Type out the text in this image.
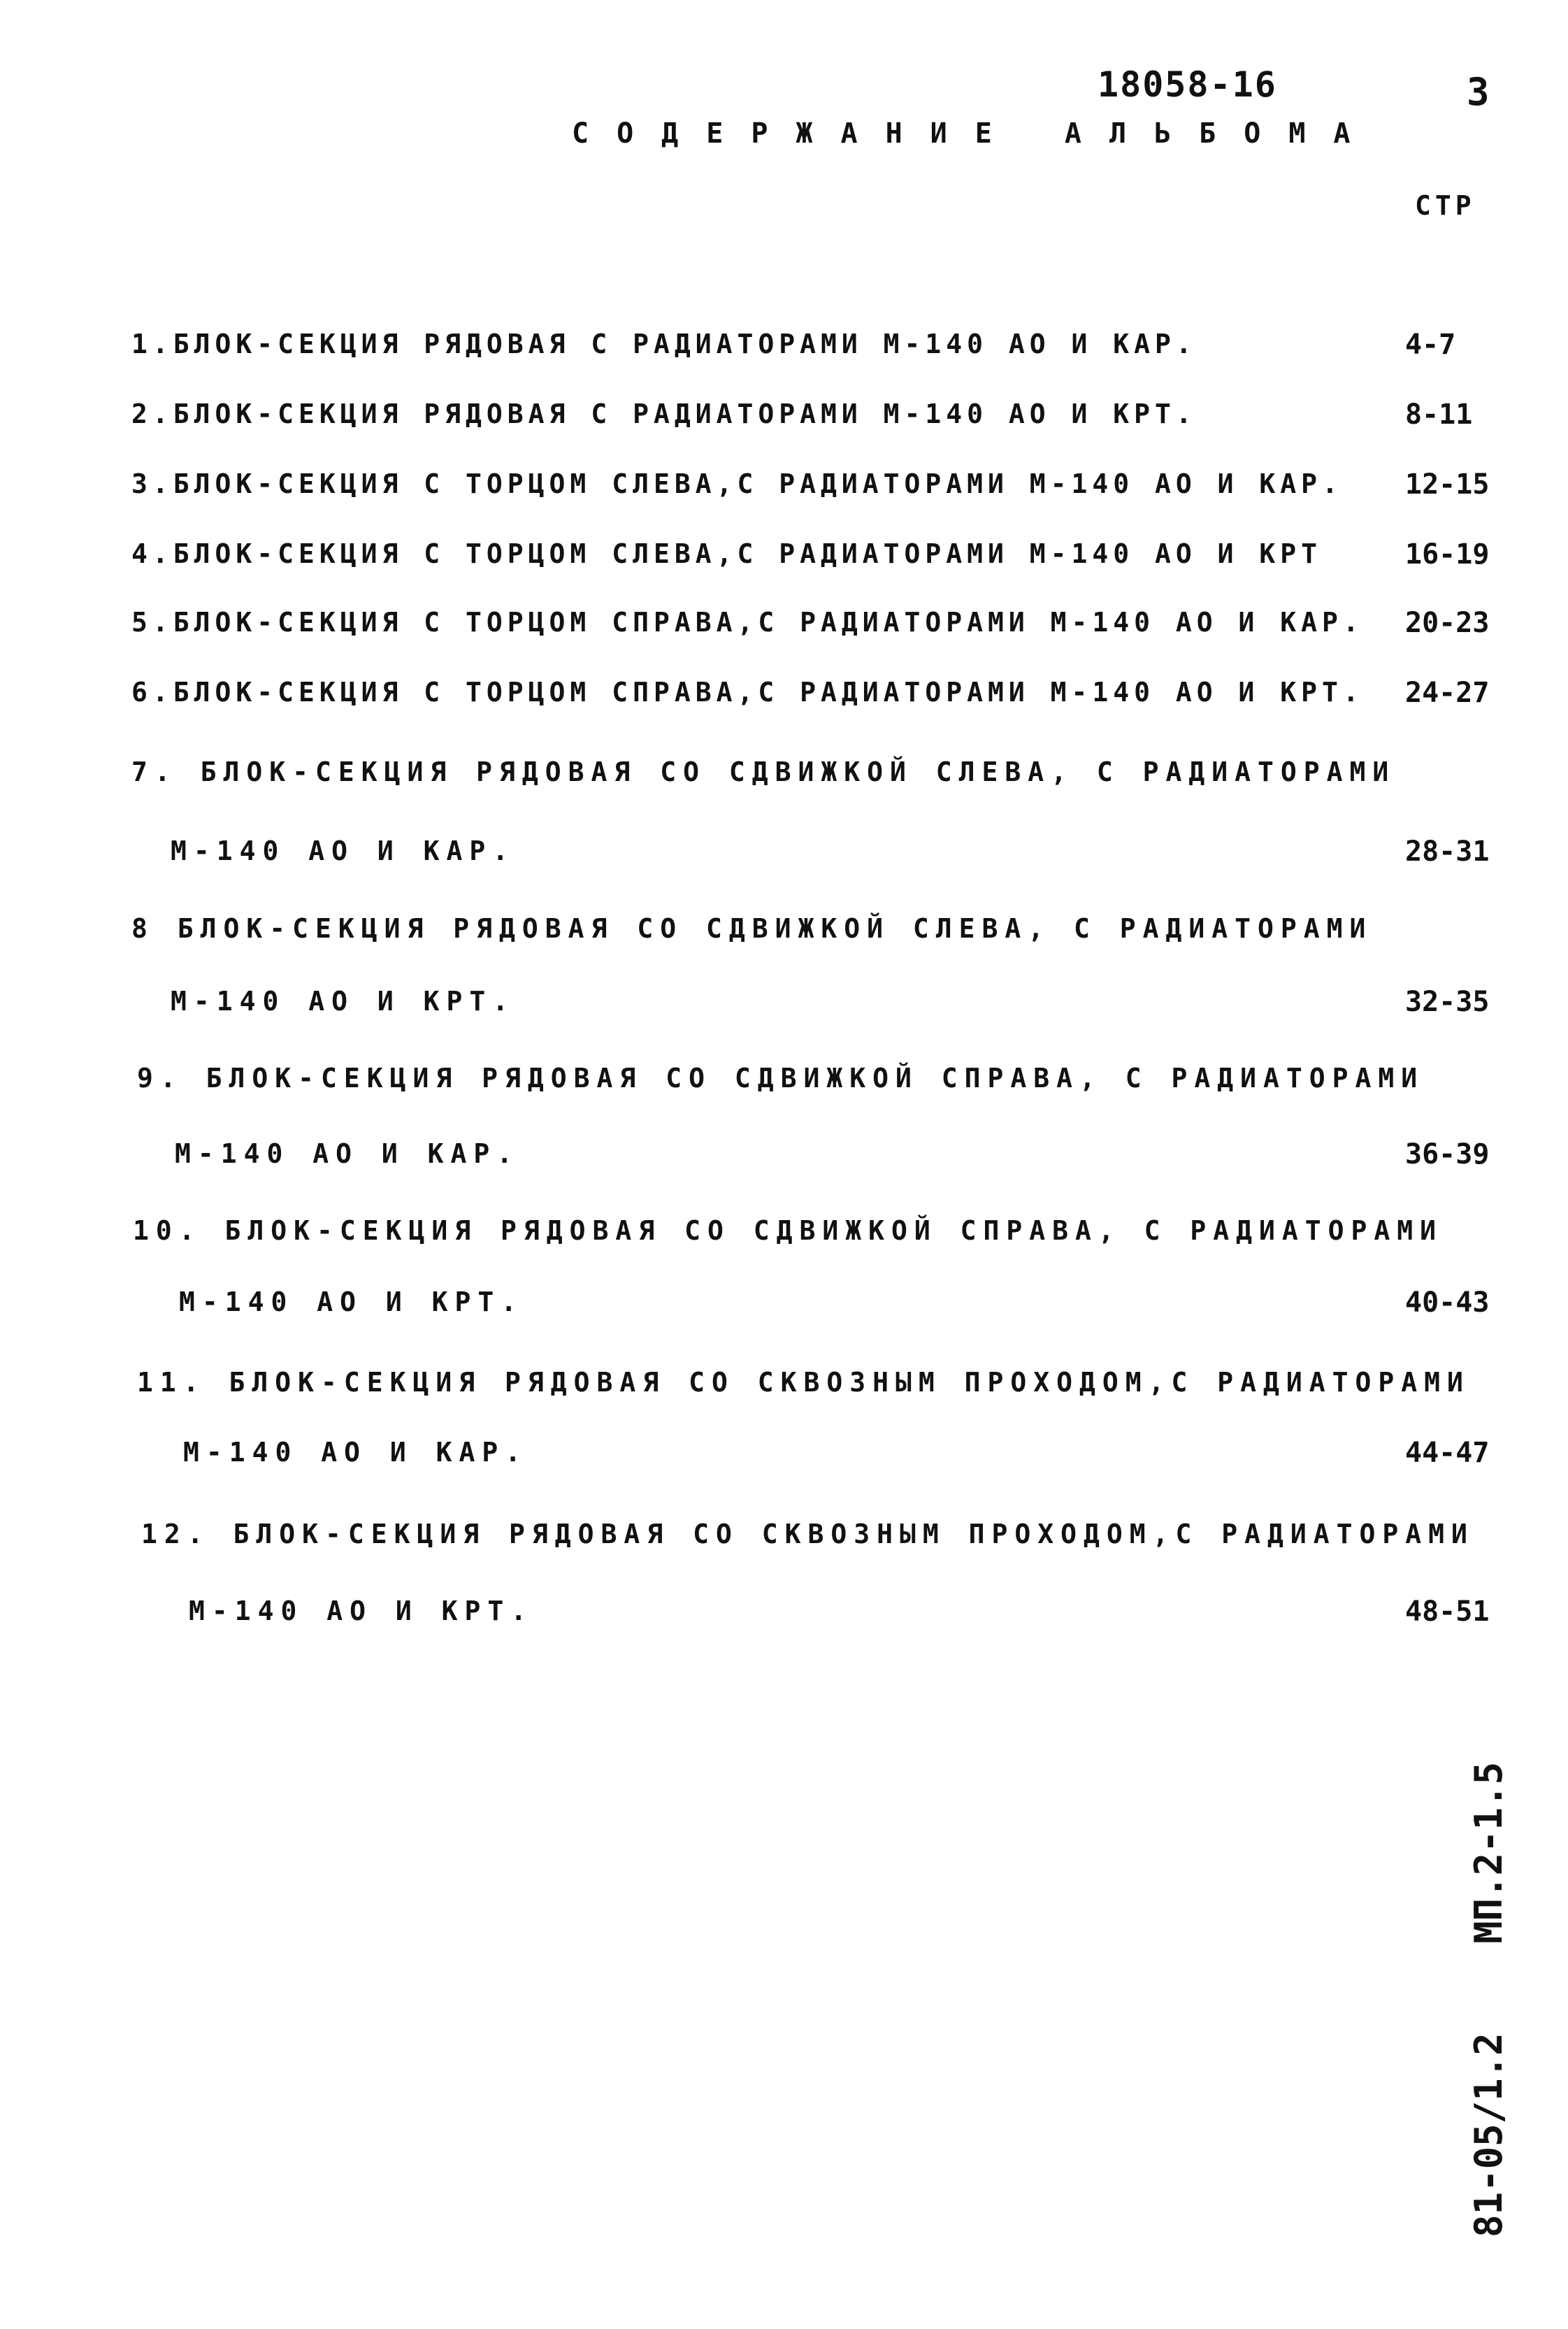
18058-16	3
СОДЕРЖАНИЕ АЛЬБОМА
СТР
1.БЛОК-СЕКЦИЯ РЯДОВАЯ С РАДИАТОРАМИ М-140 АО И КАР.	4-7
2.БЛОК-СЕКЦИЯ РЯДОВАЯ С РАДИАТОРАМИ М-140 АО И КРТ.	8-11
3.БЛОК-СЕКЦИЯ С ТОРЦОМ СЛЕВА,С РАДИАТОРАМИ М-140 АО И КАР. 12-15
4.БЛОК-СЕКЦИЯ С ТОРЦОМ СЛЕВА,С РАДИАТОРАМИ М-140 АО И КРТ	16-19
5.БЛОК-СЕКЦИЯ С ТОРЦОМ СПРАВА,С РАДИАТОРАМИ М-140 АО И КАР. 20-23
6.БЛОК-СЕКЦИЯ С ТОРЦОМ СПРАВА,С РАДИАТОРАМИ М-140 АО И КРТ. 24-27
7. БЛОК-СЕКЦИЯ РЯДОВАЯ СО СДВИЖКОЙ СЛЕВА, С РАДИАТОРАМИ
М-140 АО И КАР.	28-31
8 БЛОК-СЕКЦИЯ РЯДОВАЯ СО СДВИЖКОЙ СЛЕВА, С РАДИАТОРАМИ
М-140 АО И КРТ.	32-35
9. БЛОК-СЕКЦИЯ РЯДОВАЯ СО СДВИЖКОЙ СПРАВА, С РАДИАТОРАМИ
М-140 АО И КАР.	36-39
10. БЛОК-СЕКЦИЯ РЯДОВАЯ СО СДВИЖКОЙ СПРАВА, С РАДИАТОРАМИ
М-140 АО И КРТ.	40-43
11. БЛОК-СЕКЦИЯ РЯДОВАЯ СО СКВОЗНЫМ ПРОХОДОМ,С РАДИАТОРАМИ
М-140 АО И КАР.	44-47
12. БЛОК-СЕКЦИЯ РЯДОВАЯ СО СКВОЗНЫМ ПРОХОДОМ,С РАДИАТОРАМИ
М-140 АО И КРТ.	48-51
МП.2-1.5
81-05/1.2
